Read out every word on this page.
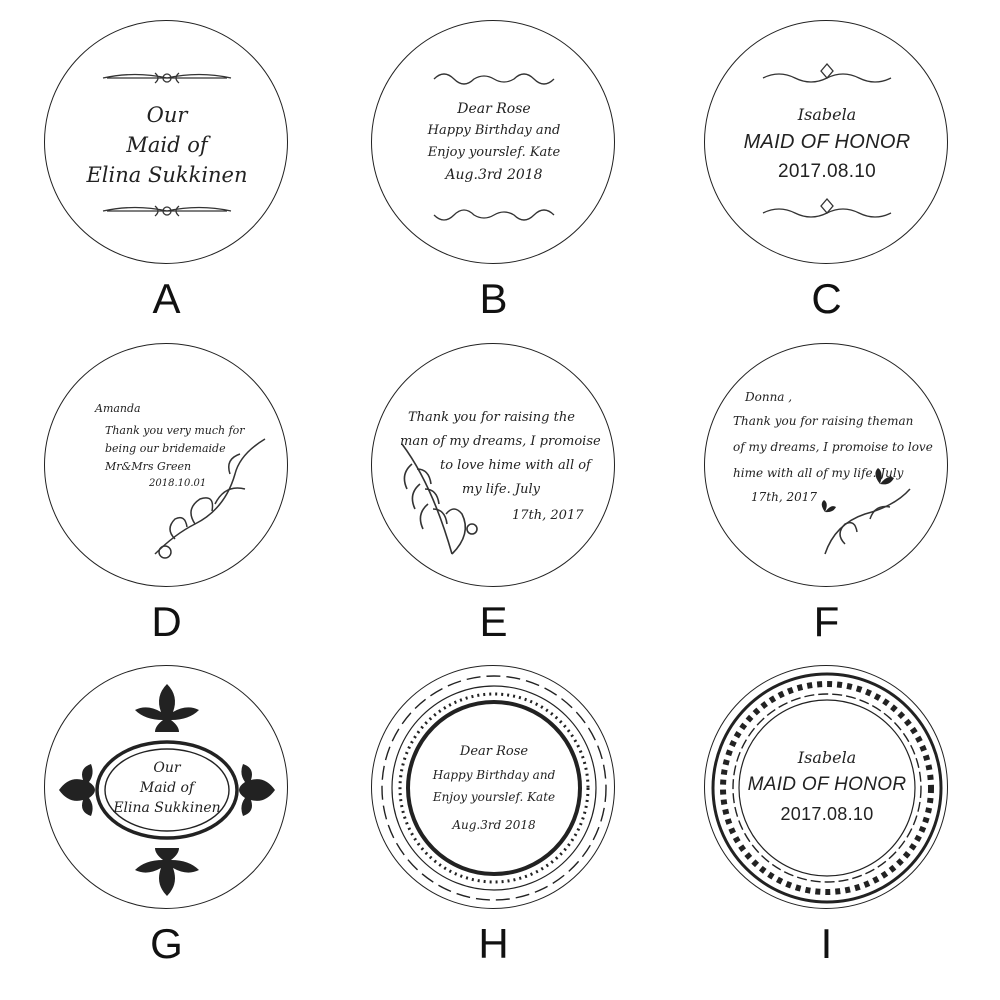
Our
Maid of
Elina Sukkinen
A
Dear Rose
Happy Birthday and
Enjoy yourslef. Kate
Aug.3rd 2018
B
Isabela
MAID OF HONOR
2017.08.10
C
Amanda
Thank you very much for
being our bridemaide
Mr&Mrs Green
2018.10.01
D
Thank you for raising the
man of my dreams, I promoise
to love hime with all of
my life. July
17th, 2017
E
Donna ,
Thank you for raising theman
of my dreams, I promoise to love
hime with all of my life. July
17th, 2017
F
Our
Maid of
Elina Sukkinen
G
Dear Rose
Happy Birthday and
Enjoy yourslef. Kate
Aug.3rd 2018
H
Isabela
MAID OF HONOR
2017.08.10
I
